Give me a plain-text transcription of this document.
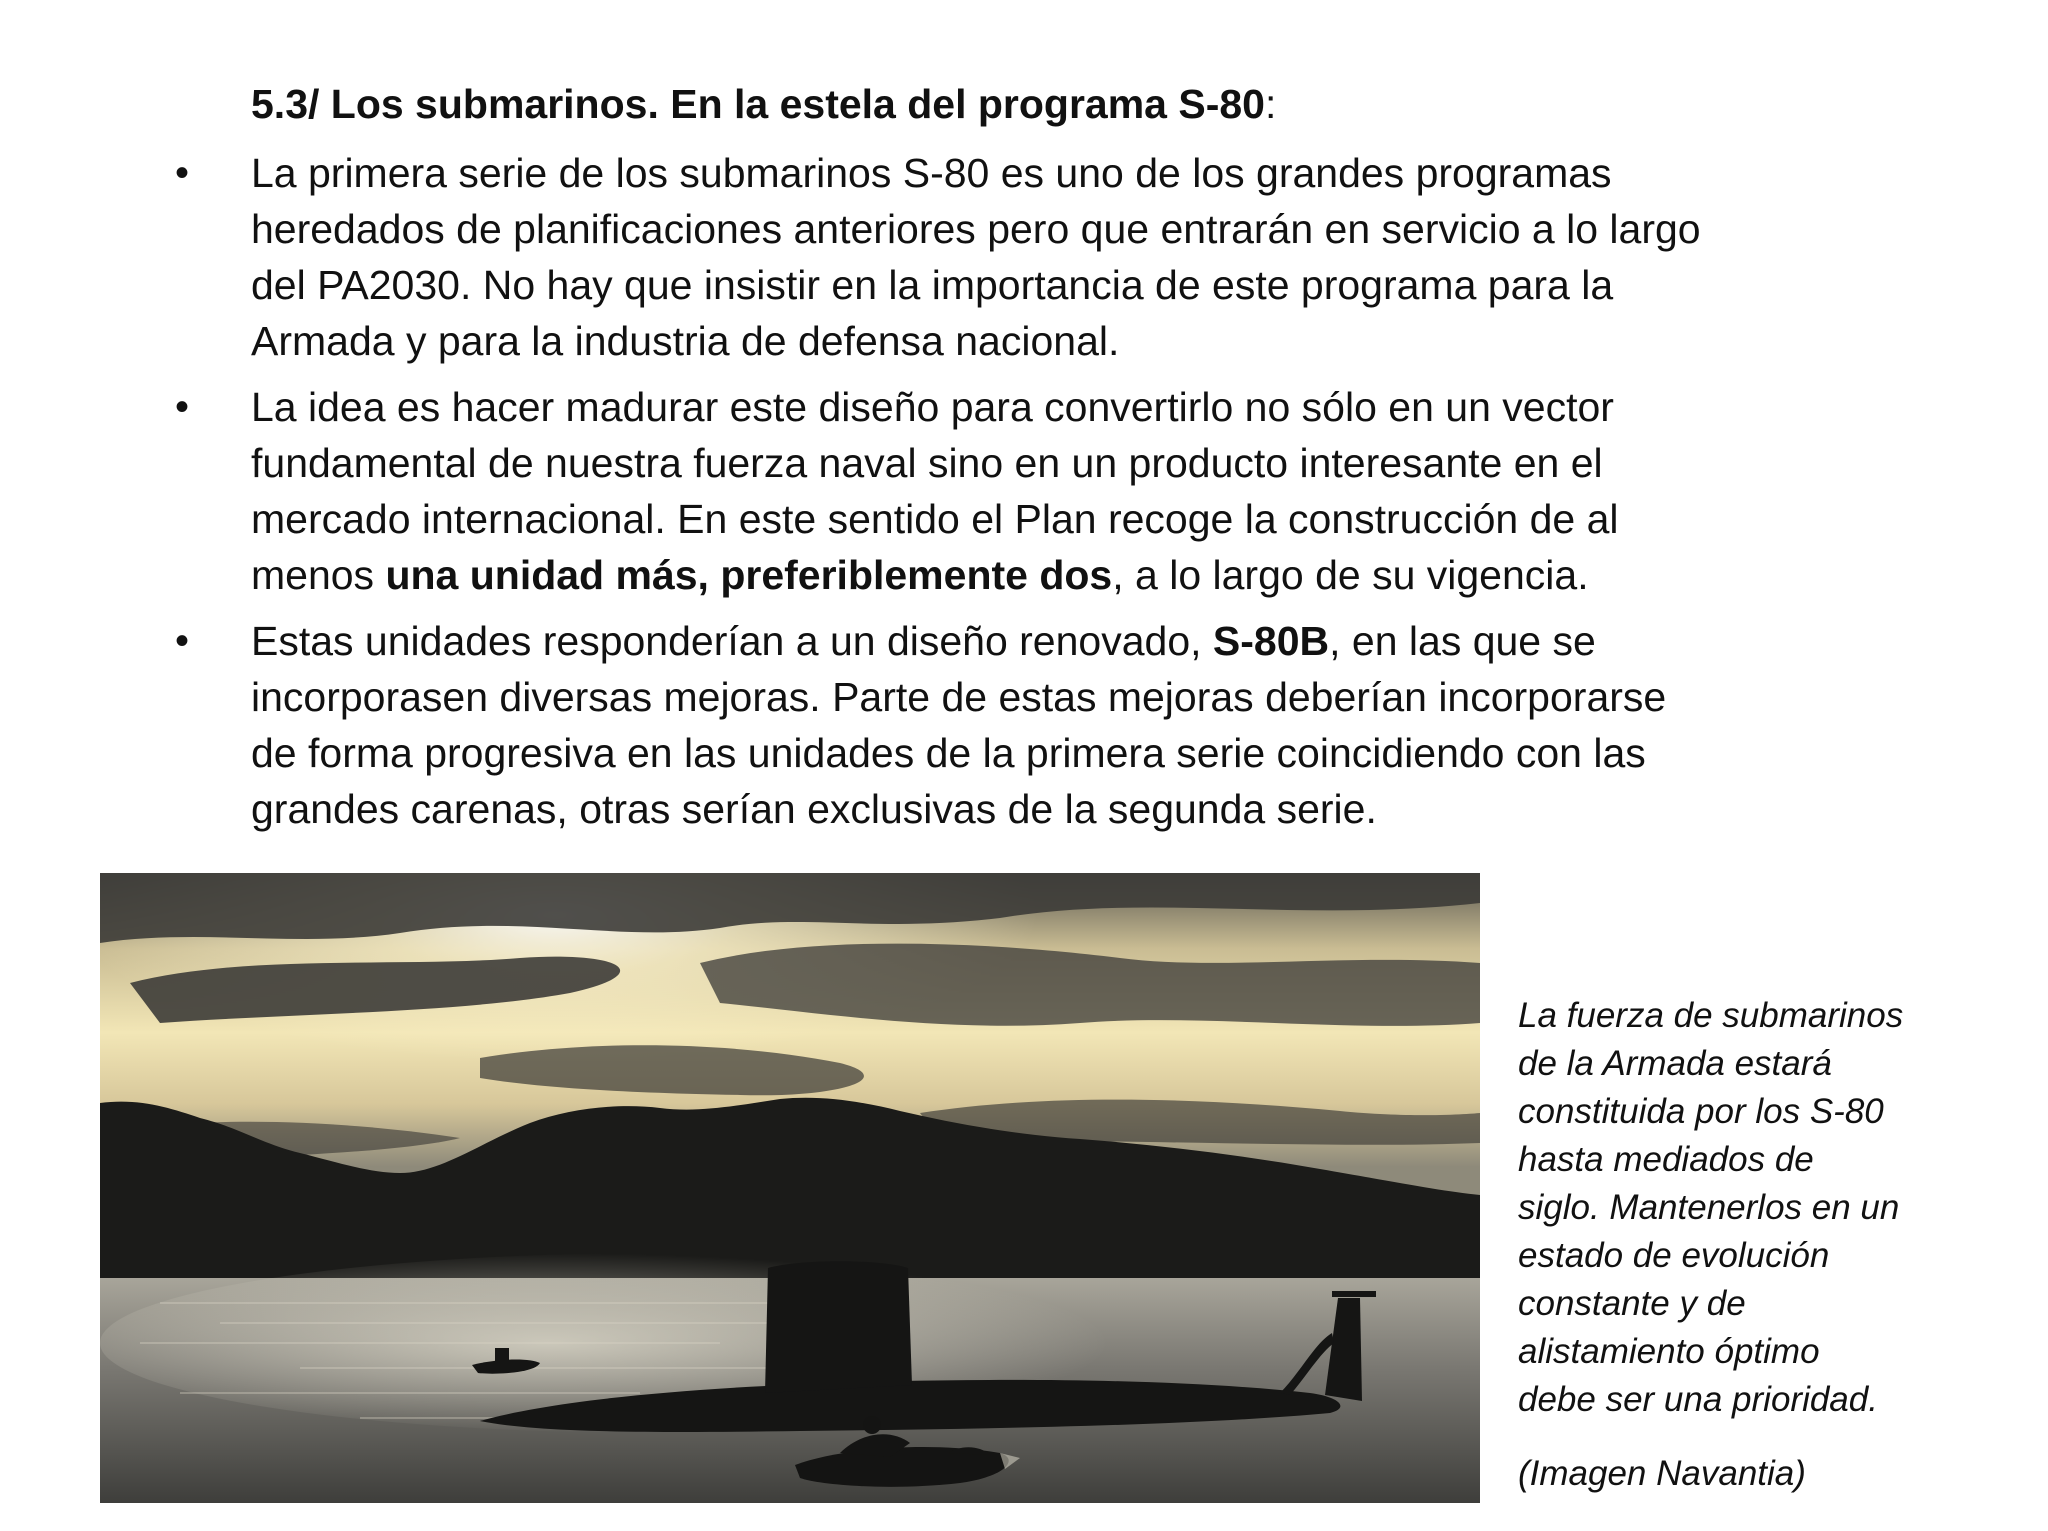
5.3/ Los submarinos. En la estela del programa S-80:
• La primera serie de los submarinos S-80 es uno de los grandes programas
heredados de planificaciones anteriores pero que entrarán en servicio a lo largo
del PA2030. No hay que insistir en la importancia de este programa para la
Armada y para la industria de defensa nacional.
• La idea es hacer madurar este diseño para convertirlo no sólo en un vector
fundamental de nuestra fuerza naval sino en un producto interesante en el
mercado internacional. En este sentido el Plan recoge la construcción de al
menos una unidad más, preferiblemente dos, a lo largo de su vigencia.
• Estas unidades responderían a un diseño renovado, S-80B, en las que se
incorporasen diversas mejoras. Parte de estas mejoras deberían incorporarse
de forma progresiva en las unidades de la primera serie coincidiendo con las
grandes carenas, otras serían exclusivas de la segunda serie.
La fuerza de submarinos
de la Armada estará
constituida por los S-80
hasta mediados de
siglo. Mantenerlos en un
estado de evolución
constante y de
alistamiento óptimo
debe ser una prioridad.
(Imagen Navantia)
